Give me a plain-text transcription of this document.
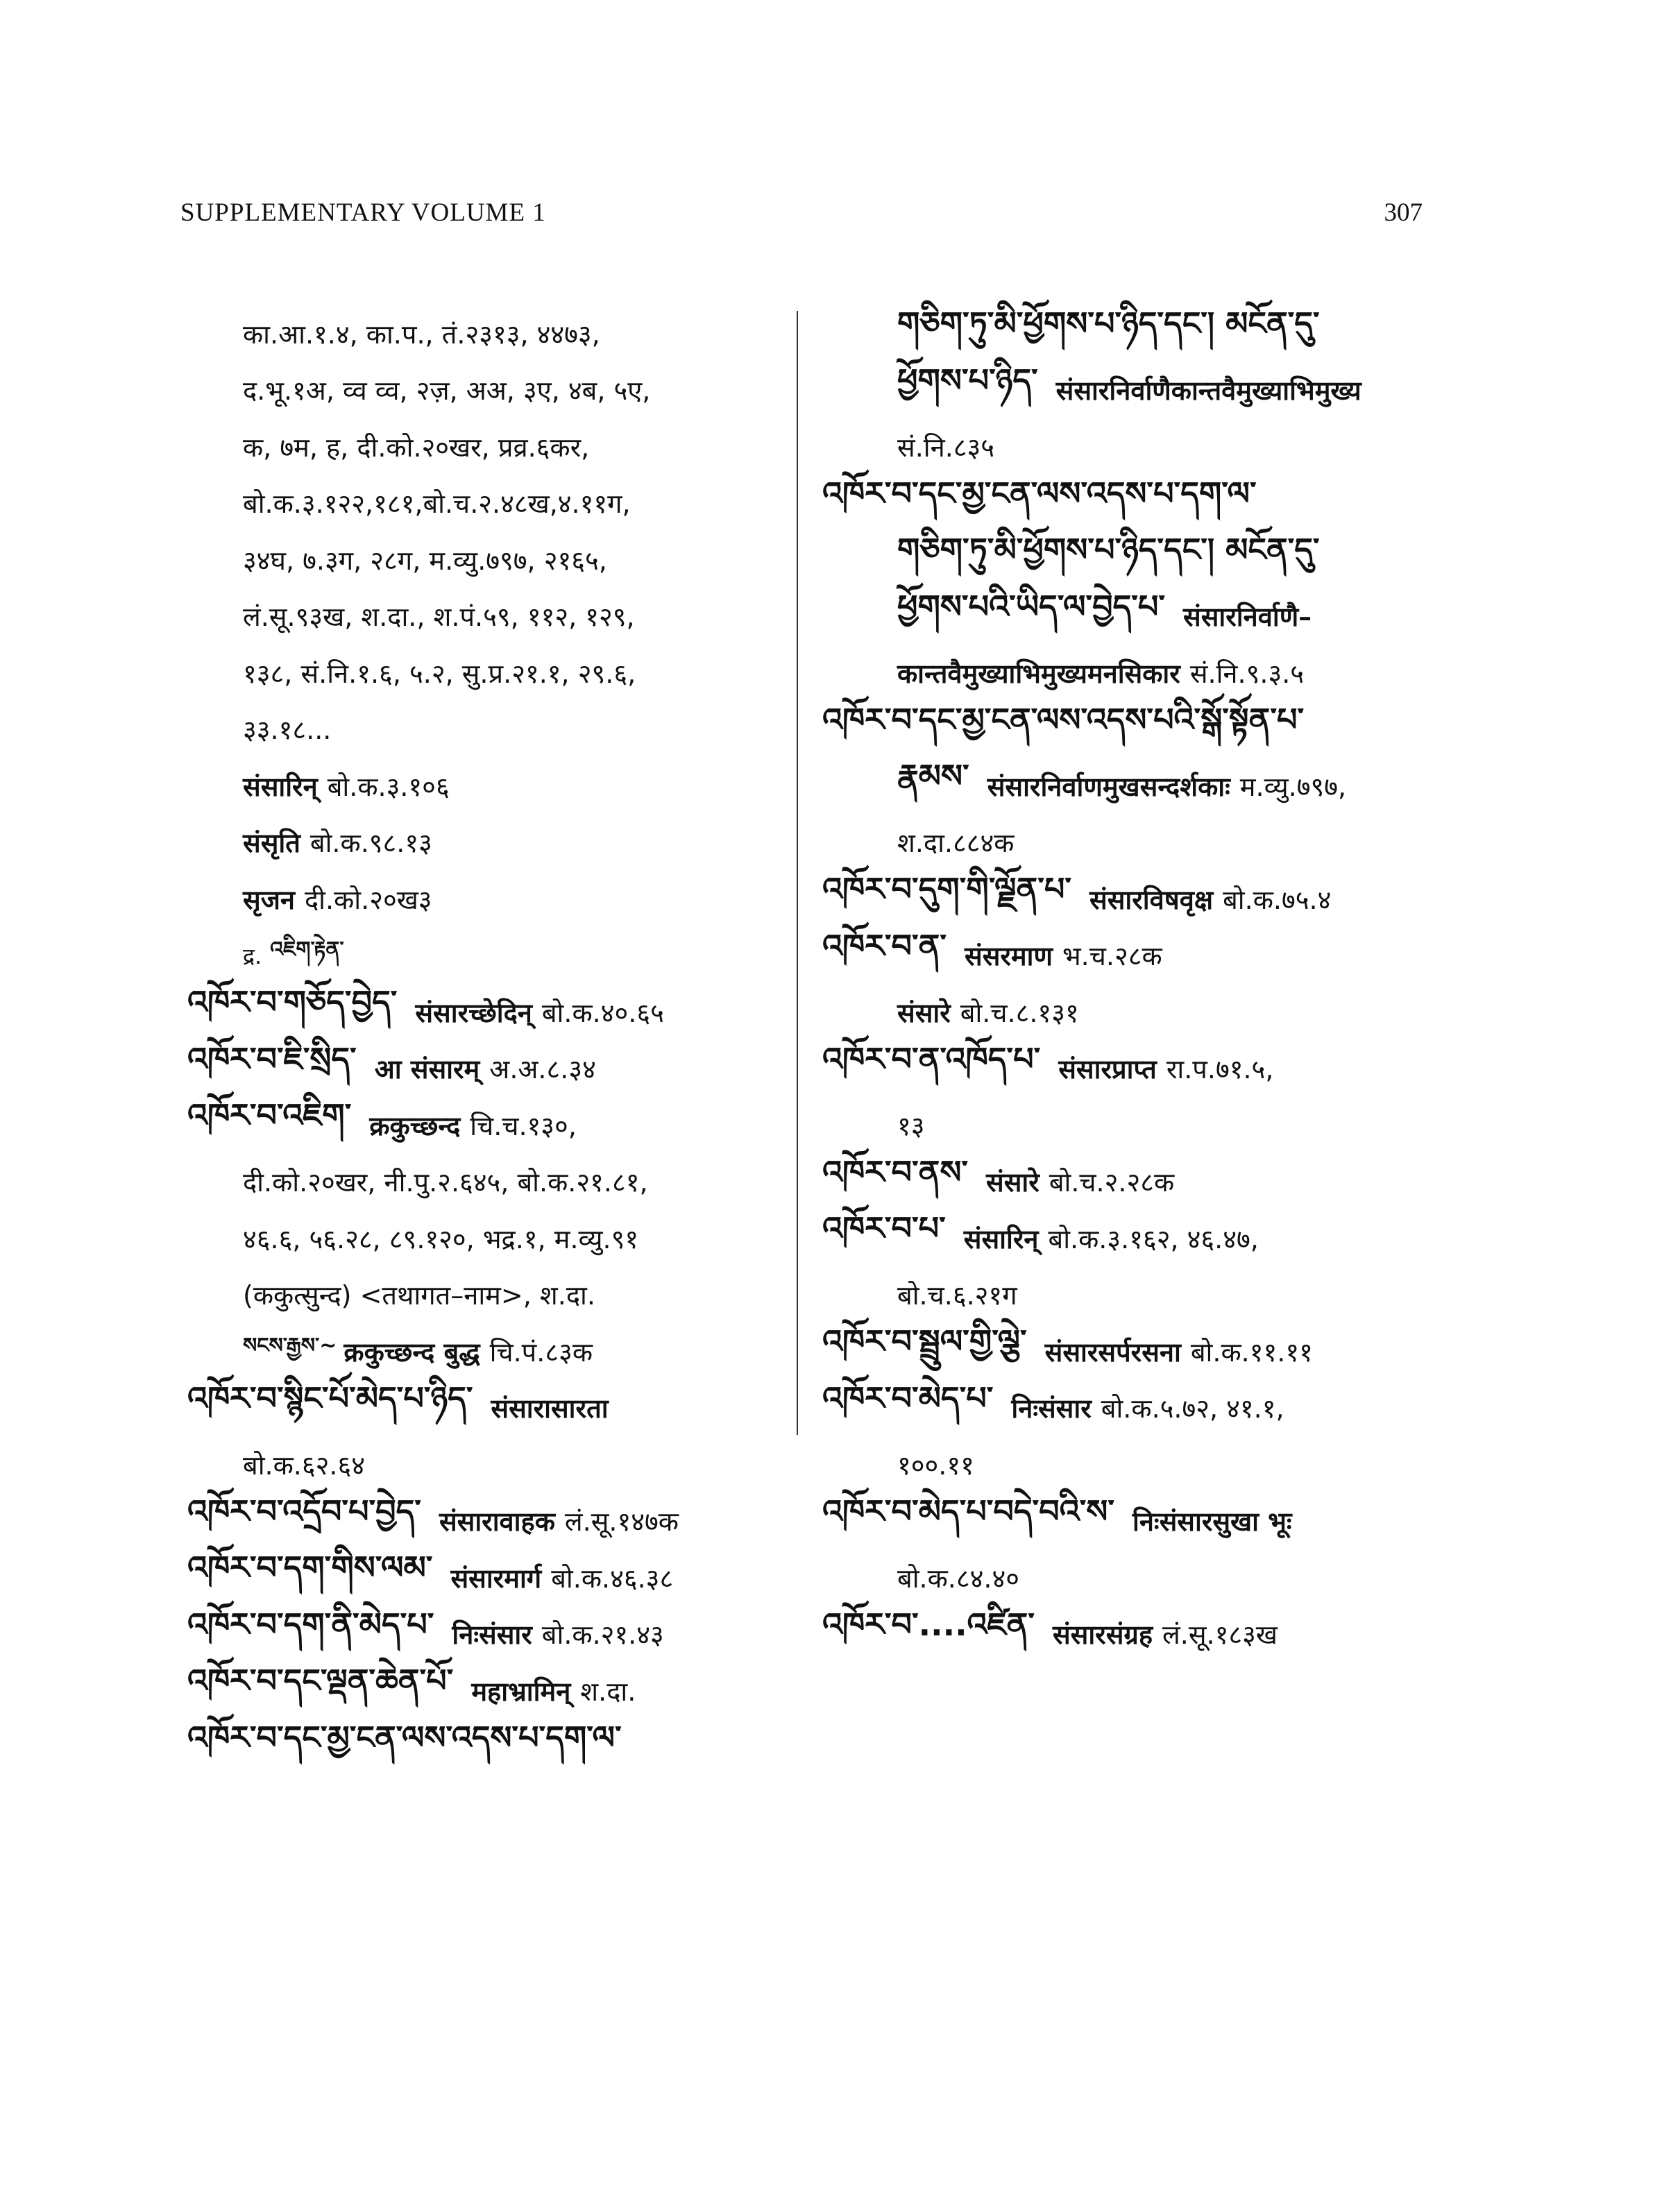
SUPPLEMENTARY VOLUME 1	307
का.आ.१.४, का.प., तं.२३१३, ४४७३,
द.भू.१अ, व्व व्व, २ज़, अअ, ३ए, ४ब, ५ए,
क, ७म, ह, दी.को.२०खर, प्रव्र.६कर,
बो.क.३.१२२,१८१,बो.च.२.४८ख,४.११ग,
३४घ, ७.३ग, २८ग, म.व्यु.७९७, २१६५,
लं.सू.९३ख, श.दा., श.पं.५९, ११२, १२९,
१३८, सं.नि.१.६, ५.२, सु.प्र.२१.१, २९.६,
३३.१८...
संसारिन् बो.क.३.१०६
संसृति बो.क.९८.१३
सृजन दी.को.२०ख३
द्र. འཇིག་རྟེན་
འཁོར་བ་གཅོད་བྱེད་ संसारच्छेदिन् बो.क.४०.६५
འཁོར་བ་ཇི་སྲིད་ आ संसारम् अ.अ.८.३४
འཁོར་བ་འཇིག་ क्रकुच्छन्द चि.च.१३०,
दी.को.२०खर, नी.पु.२.६४५, बो.क.२१.८१,
४६.६, ५६.२८, ८९.१२०, भद्र.१, म.व्यु.९१
(ककुत्सुन्द) <तथागत–नाम>, श.दा.
སངས་རྒྱས་~ क्रकुच्छन्द बुद्ध चि.पं.८३क
འཁོར་བ་སྙིང་པོ་མེད་པ་ཉིད་ संसारासारता
बो.क.६२.६४
འཁོར་བ་འདྲོབ་པ་བྱེད་ संसारावाहक लं.सू.१४७क
འཁོར་བ་དག་གིས་ལམ་ संसारमार्ग बो.क.४६.३८
འཁོར་བ་དག་ནི་མེད་པ་ निःसंसार बो.क.२१.४३
འཁོར་བ་དང་ལྡན་ཆེན་པོ་ महाभ्रामिन् श.दा.
འཁོར་བ་དང་མྱ་ངན་ལས་འདས་པ་དག་ལ་
གཅིག་ཏུ་མི་ཕྱོགས་པ་ཉིད་དང་། མངོན་དུ་
ཕྱོགས་པ་ཉིད་ संसारनिर्वाणैकान्तवैमुख्याभिमुख्य
सं.नि.८३५
འཁོར་བ་དང་མྱ་ངན་ལས་འདས་པ་དག་ལ་
གཅིག་ཏུ་མི་ཕྱོགས་པ་ཉིད་དང་། མངོན་དུ་
ཕྱོགས་པའི་ཡིད་ལ་བྱེད་པ་ संसारनिर्वाणै–
कान्तवैमुख्याभिमुख्यमनसिकार सं.नि.९.३.५
འཁོར་བ་དང་མྱ་ངན་ལས་འདས་པའི་སྒོ་སྟོན་པ་
རྣམས་ संसारनिर्वाणमुखसन्दर्शकाः म.व्यु.७९७,
श.दा.८८४क
འཁོར་བ་དུག་གི་ལྗོན་པ་ संसारविषवृक्ष बो.क.७५.४
འཁོར་བ་ན་ संसरमाण भ.च.२८क
संसारे बो.च.८.१३१
འཁོར་བ་ན་འཁོད་པ་ संसारप्राप्त रा.प.७१.५,
१३
འཁོར་བ་ནས་ संसारे बो.च.२.२८क
འཁོར་བ་པ་ संसारिन् बो.क.३.१६२, ४६.४७,
बो.च.६.२१ग
འཁོར་བ་སྦྲུལ་གྱི་ལྕེ་ संसारसर्परसना बो.क.११.११
འཁོར་བ་མེད་པ་ निःसंसार बो.क.५.७२, ४१.१,
१००.११
འཁོར་བ་མེད་པ་བདེ་བའི་ས་ निःसंसारसुखा भूः
बो.क.८४.४०
འཁོར་བ་....འཛིན་ संसारसंग्रह लं.सू.१८३ख
